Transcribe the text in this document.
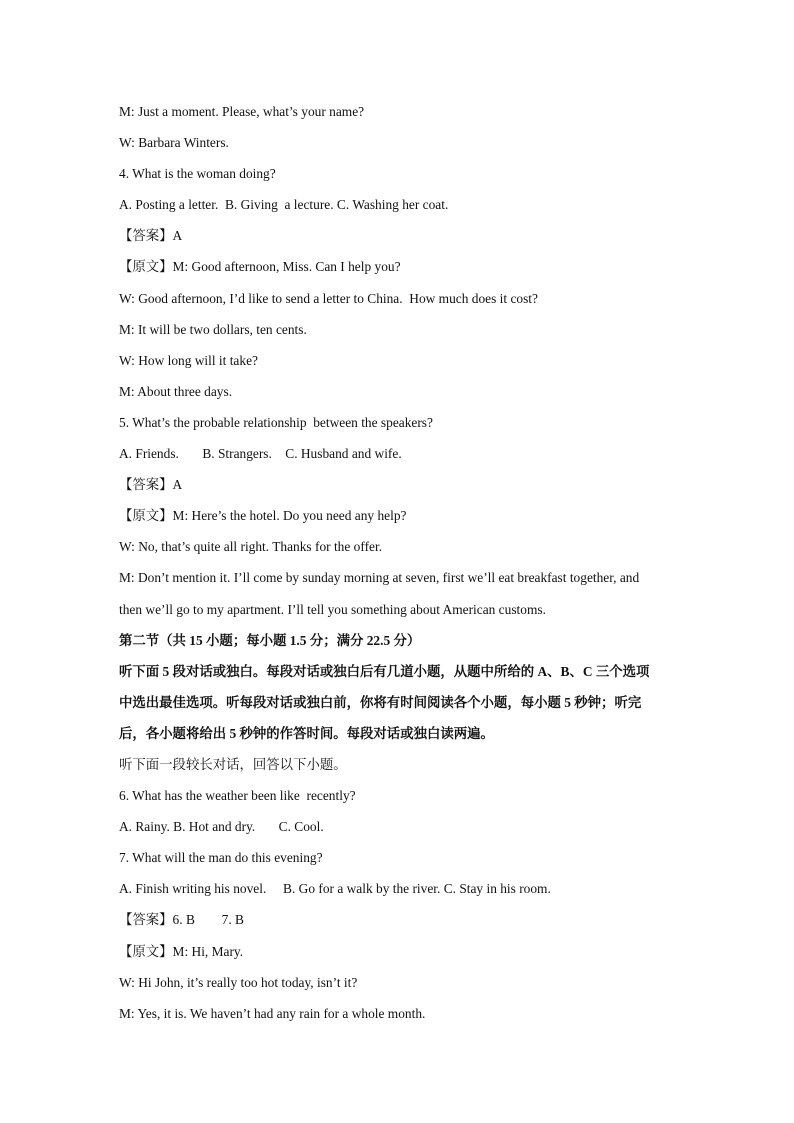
M: Just a moment. Please, what’s your name?
W: Barbara Winters.
4. What is the woman doing?
A. Posting a letter.  B. Giving  a lecture. C. Washing her coat.
【答案】A
【原文】M: Good afternoon, Miss. Can I help you?
W: Good afternoon, I’d like to send a letter to China.  How much does it cost?
M: It will be two dollars, ten cents.
W: How long will it take?
M: About three days.
5. What’s the probable relationship  between the speakers?
A. Friends.       B. Strangers.    C. Husband and wife.
【答案】A
【原文】M: Here’s the hotel. Do you need any help?
W: No, that’s quite all right. Thanks for the offer.
M: Don’t mention it. I’ll come by sunday morning at seven, first we’ll eat breakfast together, and
then we’ll go to my apartment. I’ll tell you something about American customs.
第二节（共 15 小题；每小题 1.5 分；满分 22.5 分）
听下面 5 段对话或独白。每段对话或独白后有几道小题，从题中所给的 A、B、C 三个选项
中选出最佳选项。听每段对话或独白前，你将有时间阅读各个小题，每小题 5 秒钟；听完
后，各小题将给出 5 秒钟的作答时间。每段对话或独白读两遍。
听下面一段较长对话，回答以下小题。
6. What has the weather been like  recently?
A. Rainy. B. Hot and dry.       C. Cool.
7. What will the man do this evening?
A. Finish writing his novel.     B. Go for a walk by the river. C. Stay in his room.
【答案】6. B        7. B
【原文】M: Hi, Mary.
W: Hi John, it’s really too hot today, isn’t it?
M: Yes, it is. We haven’t had any rain for a whole month.
